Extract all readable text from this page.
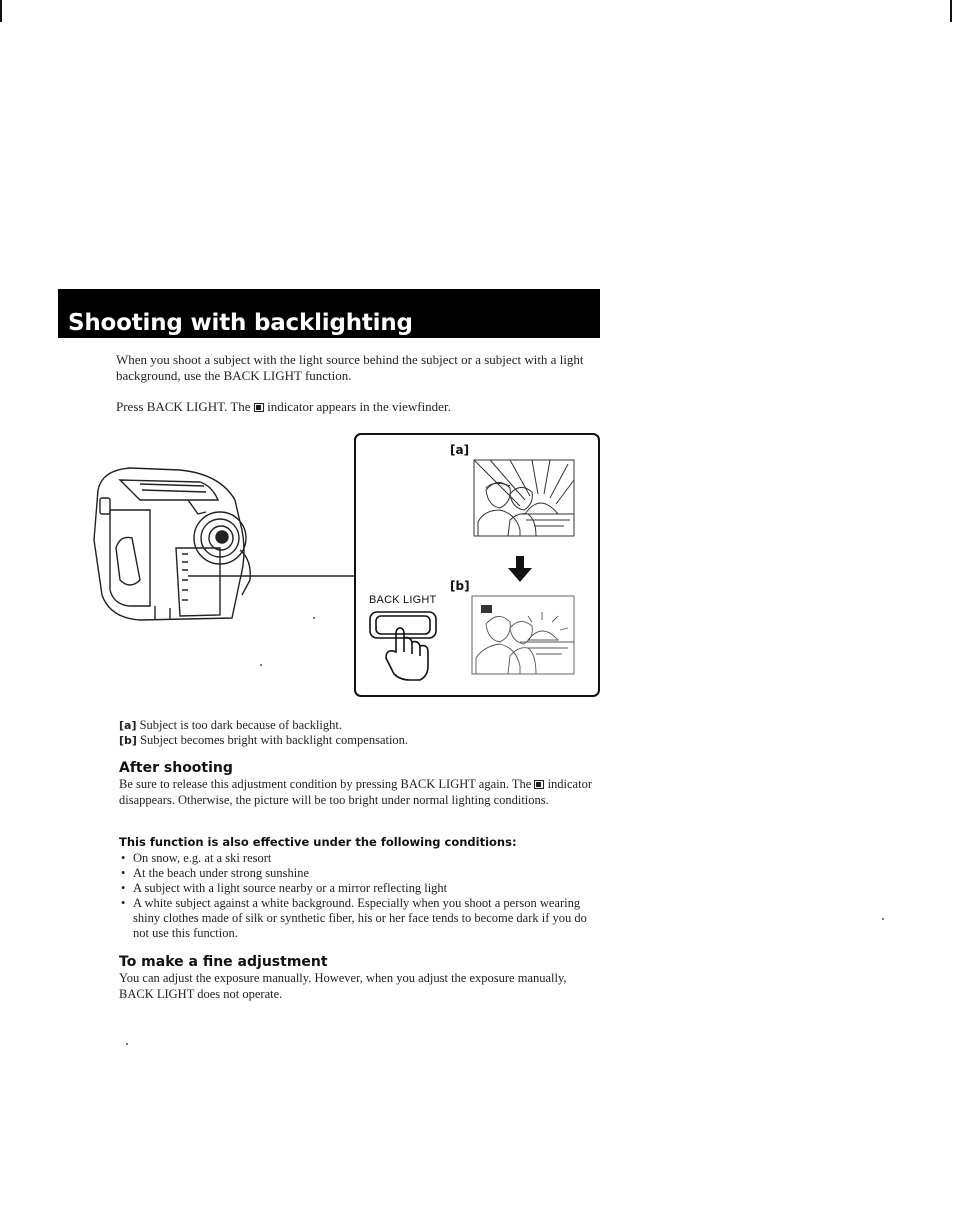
Shooting with backlighting

When you shoot a subject with the light source behind the subject or a subject with a light background, use the BACK LIGHT function.

Press BACK LIGHT. The indicator appears in the viewfinder.

[a]
[b]
BACK LIGHT
[a] Subject is too dark because of backlight.
[b] Subject becomes bright with backlight compensation.
After shooting

Be sure to release this adjustment condition by pressing BACK LIGHT again. The indicator disappears. Otherwise, the picture will be too bright under normal lighting conditions.

This function is also effective under the following conditions:
• On snow, e.g. at a ski resort
• At the beach under strong sunshine
• A subject with a light source nearby or a mirror reflecting light
• A white subject against a white background. Especially when you shoot a person wearing shiny clothes made of silk or synthetic fiber, his or her face tends to become dark if you do not use this function.
To make a fine adjustment

You can adjust the exposure manually. However, when you adjust the exposure manually, BACK LIGHT does not operate.
